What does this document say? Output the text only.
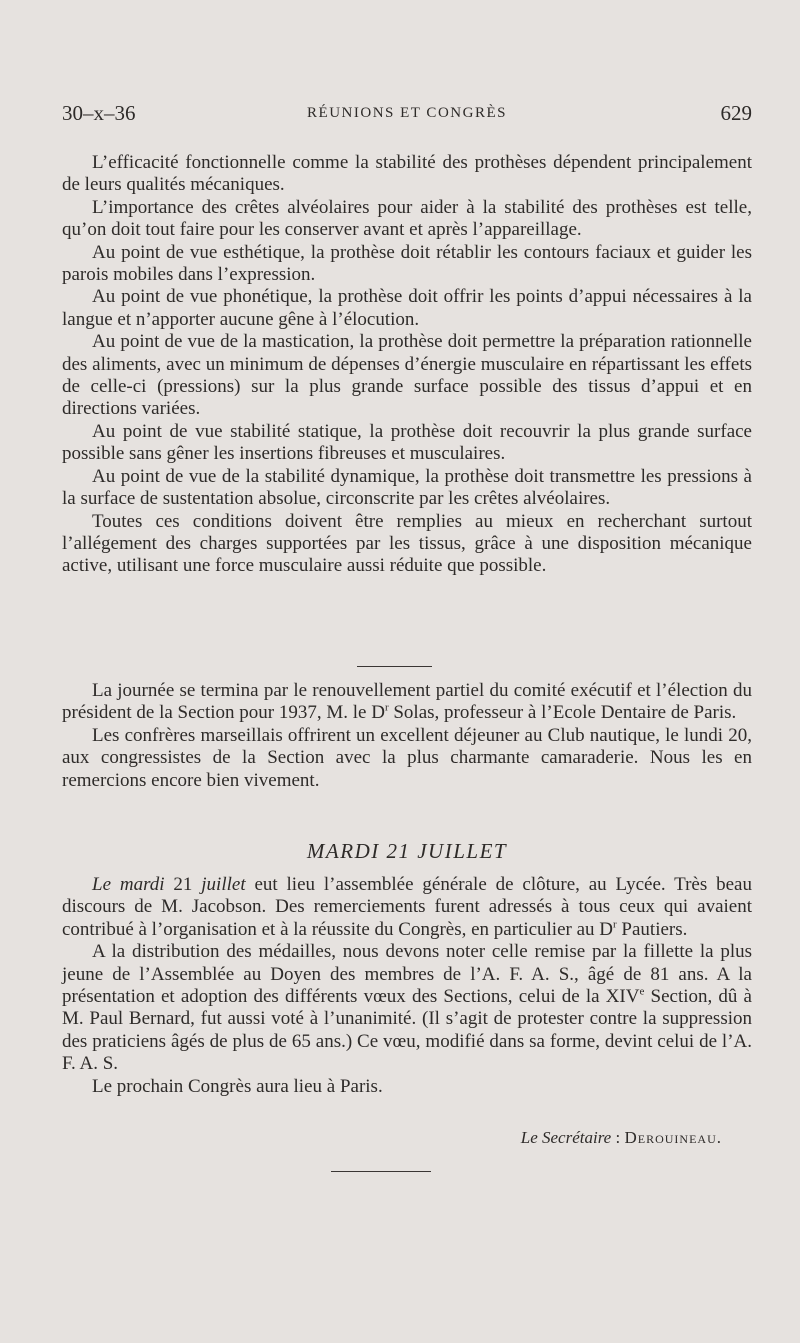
30–x–36	RÉUNIONS ET CONGRÈS	629

L’efficacité fonctionnelle comme la stabilité des prothèses dépendent principalement de leurs qualités mécaniques.

L’importance des crêtes alvéolaires pour aider à la stabilité des prothèses est telle, qu’on doit tout faire pour les conserver avant et après l’appareillage.

Au point de vue esthétique, la prothèse doit rétablir les contours faciaux et guider les parois mobiles dans l’expression.

Au point de vue phonétique, la prothèse doit offrir les points d’appui nécessaires à la langue et n’apporter aucune gêne à l’élocution.

Au point de vue de la mastication, la prothèse doit permettre la préparation rationnelle des aliments, avec un minimum de dépenses d’énergie musculaire en répartissant les effets de celle-ci (pressions) sur la plus grande surface possible des tissus d’appui et en directions variées.

Au point de vue stabilité statique, la prothèse doit recouvrir la plus grande surface possible sans gêner les insertions fibreuses et musculaires.

Au point de vue de la stabilité dynamique, la prothèse doit transmettre les pressions à la surface de sustentation absolue, circonscrite par les crêtes alvéolaires.

Toutes ces conditions doivent être remplies au mieux en recherchant surtout l’allégement des charges supportées par les tissus, grâce à une disposition mécanique active, utilisant une force musculaire aussi réduite que possible.

La journée se termina par le renouvellement partiel du comité exécutif et l’élection du président de la Section pour 1937, M. le $D^r$ Solas, professeur à l’Ecole Dentaire de Paris.

Les confrères marseillais offrirent un excellent déjeuner au Club nautique, le lundi 20, aux congressistes de la Section avec la plus charmante camaraderie. Nous les en remercions encore bien vivement.

MARDI 21 JUILLET

Le mardi 21 juillet eut lieu l’assemblée générale de clôture, au Lycée. Très beau discours de M. Jacobson. Des remerciements furent adressés à tous ceux qui avaient contribué à l’organisation et à la réussite du Congrès, en particulier au $D^r$ Pautiers.

A la distribution des médailles, nous devons noter celle remise par la fillette la plus jeune de l’Assemblée au Doyen des membres de l’A. F. A. S., âgé de 81 ans. A la présentation et adoption des différents vœux des Sections, celui de la XIVe Section, dû à M. Paul Bernard, fut aussi voté à l’unanimité. (Il s’agit de protester contre la suppression des praticiens âgés de plus de 65 ans.) Ce vœu, modifié dans sa forme, devint celui de l’A. F. A. S.

Le prochain Congrès aura lieu à Paris.

Le Secrétaire : Derouineau.
